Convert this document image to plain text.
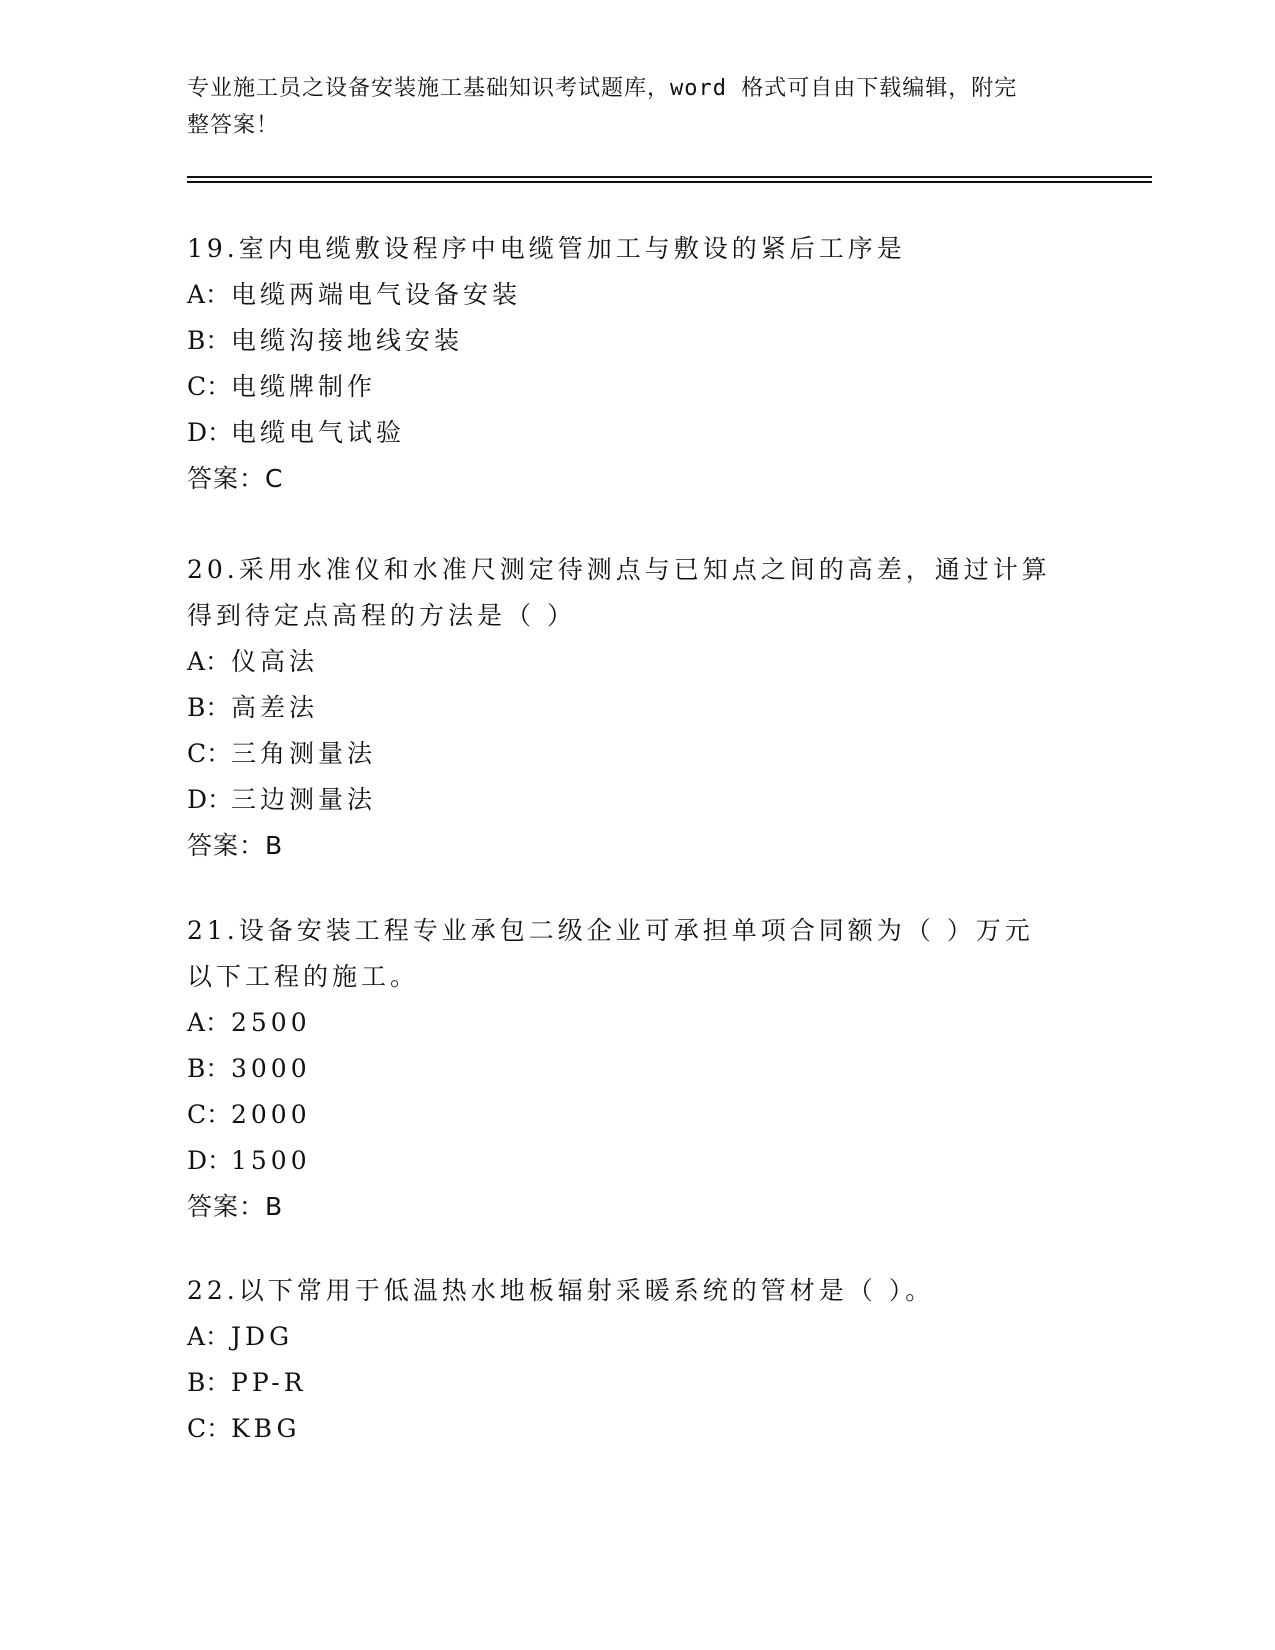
专业施工员之设备安装施工基础知识考试题库，word 格式可自由下载编辑，附完
整答案！

19.室内电缆敷设程序中电缆管加工与敷设的紧后工序是

A：电缆两端电气设备安装
B：电缆沟接地线安装
C：电缆牌制作
D：电缆电气试验

答案：C

20.采用水准仪和水准尺测定待测点与已知点之间的高差，通过计算得到待定点高程的方法是（ ）

A：仪高法
B：高差法
C：三角测量法
D：三边测量法

答案：B

21.设备安装工程专业承包二级企业可承担单项合同额为（ ）万元以下工程的施工。

A：2500
B：3000
C：2000
D：1500

答案：B

22.以下常用于低温热水地板辐射采暖系统的管材是（ ）。

A：JDG
B：PP-R
C：KBG
